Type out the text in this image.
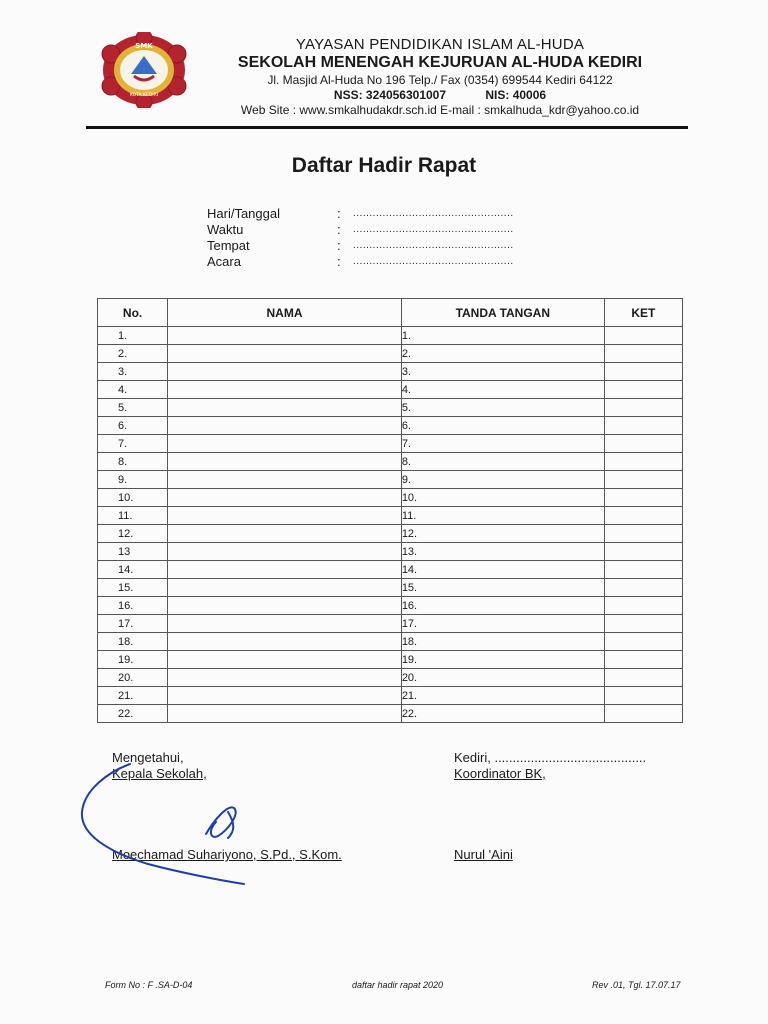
SMK
KOTA KEDIRI
YAYASAN PENDIDIKAN ISLAM AL-HUDA
SEKOLAH MENENGAH KEJURUAN AL-HUDA KEDIRI
Jl. Masjid Al-Huda No 196 Telp./ Fax (0354) 699544 Kediri 64122
NSS: 324056301007	NIS: 40006
Web Site : www.smkalhudakdr.sch.id E-mail : smkalhuda_kdr@yahoo.co.id
Daftar Hadir Rapat
Hari/Tanggal	:	.................................................
Waktu	:	.................................................
Tempat	:	.................................................
Acara	:	.................................................
No.	NAMA	TANDA TANGAN	KET
1.		1.	
2.		2.	
3.		3.	
4.		4.	
5.		5.	
6.		6.	
7.		7.	
8.		8.	
9.		9.	
10.		10.	
11.		11.	
12.		12.	
13		13.	
14.		14.	
15.		15.	
16.		16.	
17.		17.	
18.		18.	
19.		19.	
20.		20.	
21.		21.	
22.		22.	
Mengetahui,
Kepala Sekolah,
Kediri, ..........................................
Koordinator BK,
Moechamad Suhariyono, S.Pd., S.Kom.	Nurul 'Aini
Form No : F .SA-D-04	daftar hadir rapat 2020	Rev .01, Tgl. 17.07.17
